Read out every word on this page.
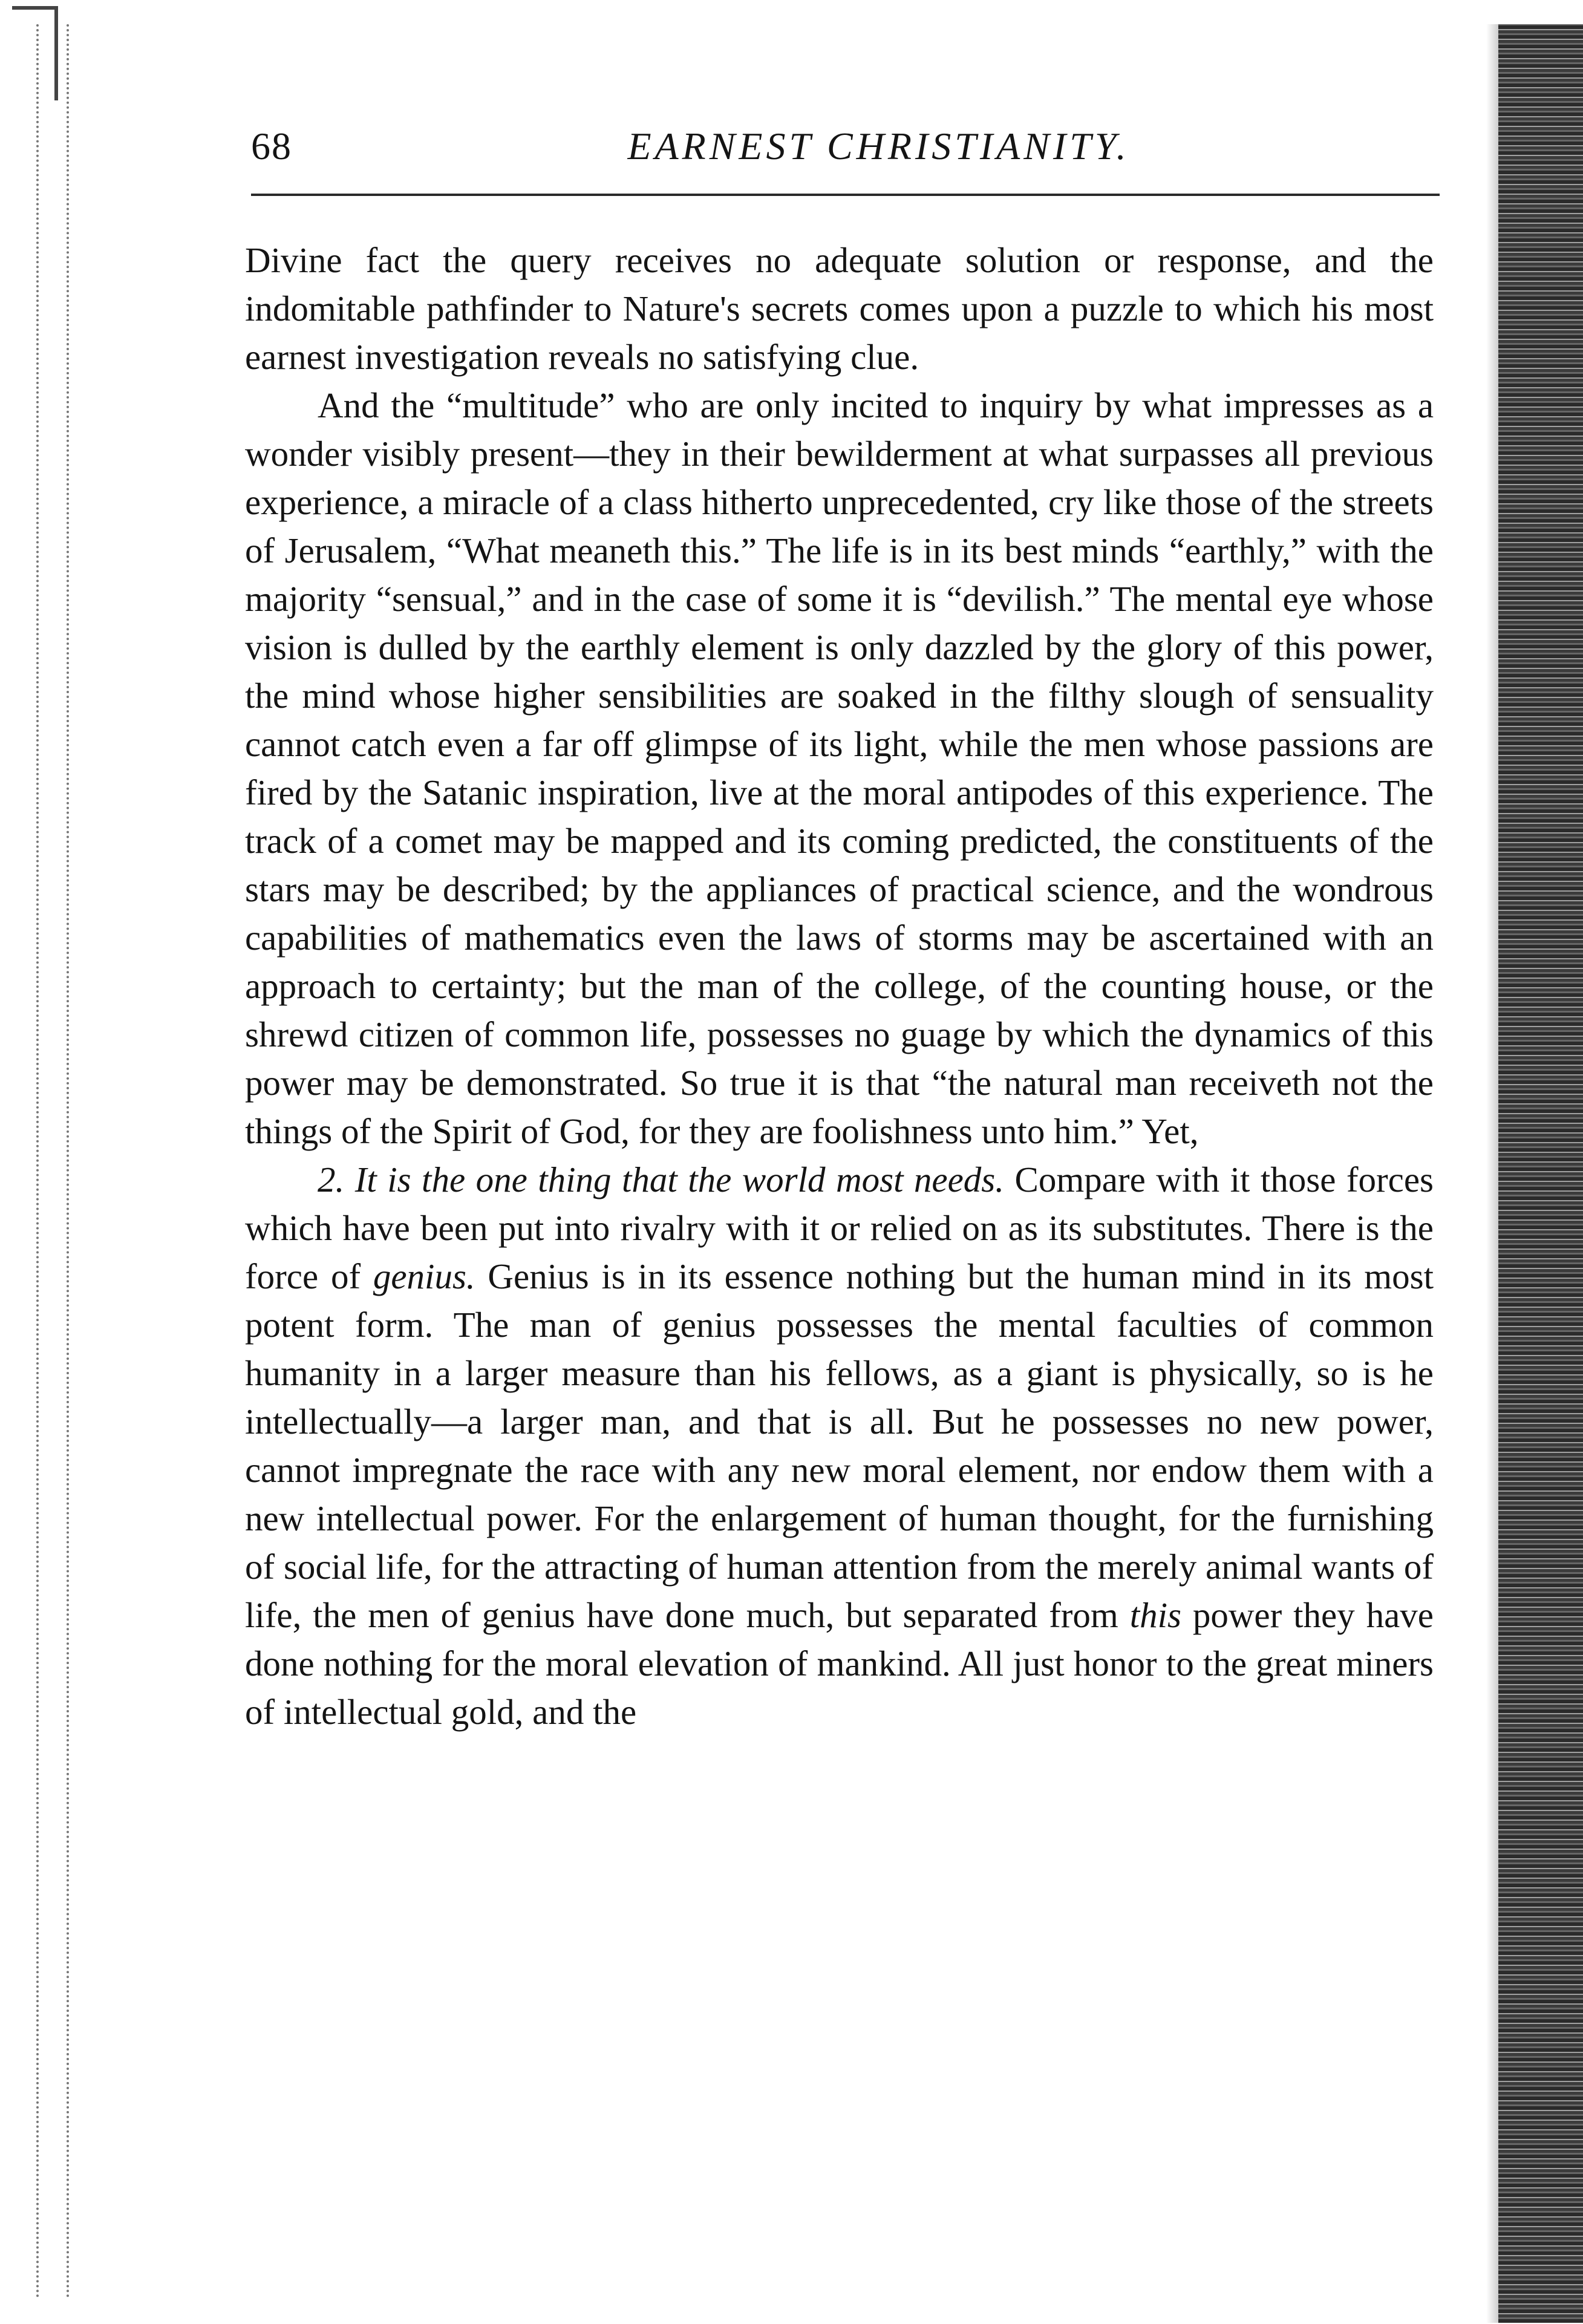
68	EARNEST CHRISTIANITY.

Divine fact the query receives no adequate solution or response, and the indomitable pathfinder to Nature's secrets comes upon a puzzle to which his most earnest investigation reveals no satisfying clue.

And the “multitude” who are only incited to inquiry by what impresses as a wonder visibly present—they in their bewilderment at what surpasses all previous experience, a miracle of a class hitherto unprecedented, cry like those of the streets of Jerusalem, “What meaneth this.” The life is in its best minds “earthly,” with the majority “sensual,” and in the case of some it is “devilish.” The mental eye whose vision is dulled by the earthly element is only dazzled by the glory of this power, the mind whose higher sensibilities are soaked in the filthy slough of sensuality cannot catch even a far off glimpse of its light, while the men whose passions are fired by the Satanic inspiration, live at the moral antipodes of this experience. The track of a comet may be mapped and its coming predicted, the constituents of the stars may be described; by the appliances of practical science, and the wondrous capabilities of mathematics even the laws of storms may be ascertained with an approach to certainty; but the man of the college, of the counting house, or the shrewd citizen of common life, possesses no guage by which the dynamics of this power may be demonstrated. So true it is that “the natural man receiveth not the things of the Spirit of God, for they are foolishness unto him.” Yet,

2. It is the one thing that the world most needs. Compare with it those forces which have been put into rivalry with it or relied on as its substitutes. There is the force of genius. Genius is in its essence nothing but the human mind in its most potent form. The man of genius possesses the mental faculties of common humanity in a larger measure than his fellows, as a giant is physically, so is he intellectually—a larger man, and that is all. But he possesses no new power, cannot impregnate the race with any new moral element, nor endow them with a new intellectual power. For the enlargement of human thought, for the furnishing of social life, for the attracting of human attention from the merely animal wants of life, the men of genius have done much, but separated from this power they have done nothing for the moral elevation of mankind. All just honor to the great miners of intellectual gold, and the
